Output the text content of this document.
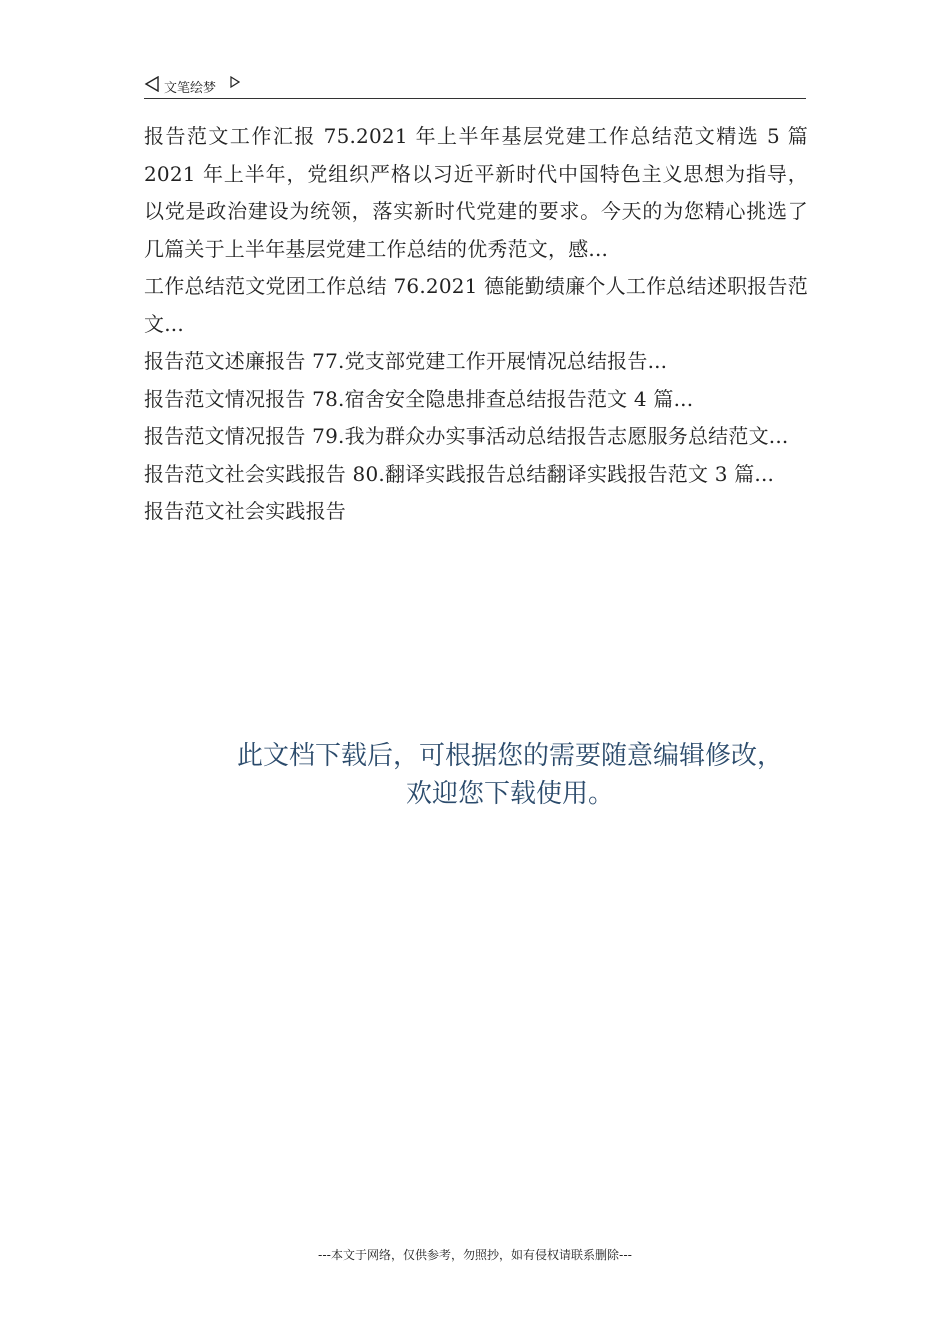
文笔绘梦

报告范文工作汇报 75.2021 年上半年基层党建工作总结范文精选 5 篇 2021 年上半年，党组织严格以习近平新时代中国特色主义思想为指导，以党是政治建设为统领，落实新时代党建的要求。今天的为您精心挑选了几篇关于上半年基层党建工作总结的优秀范文，感...

工作总结范文党团工作总结 76.2021 德能勤绩廉个人工作总结述职报告范文...

报告范文述廉报告 77.党支部党建工作开展情况总结报告...

报告范文情况报告 78.宿舍安全隐患排查总结报告范文 4 篇...

报告范文情况报告 79.我为群众办实事活动总结报告志愿服务总结范文...

报告范文社会实践报告 80.翻译实践报告总结翻译实践报告范文 3 篇...

报告范文社会实践报告

此文档下载后，可根据您的需要随意编辑修改，
欢迎您下载使用。
---本文于网络，仅供参考，勿照抄，如有侵权请联系删除---
